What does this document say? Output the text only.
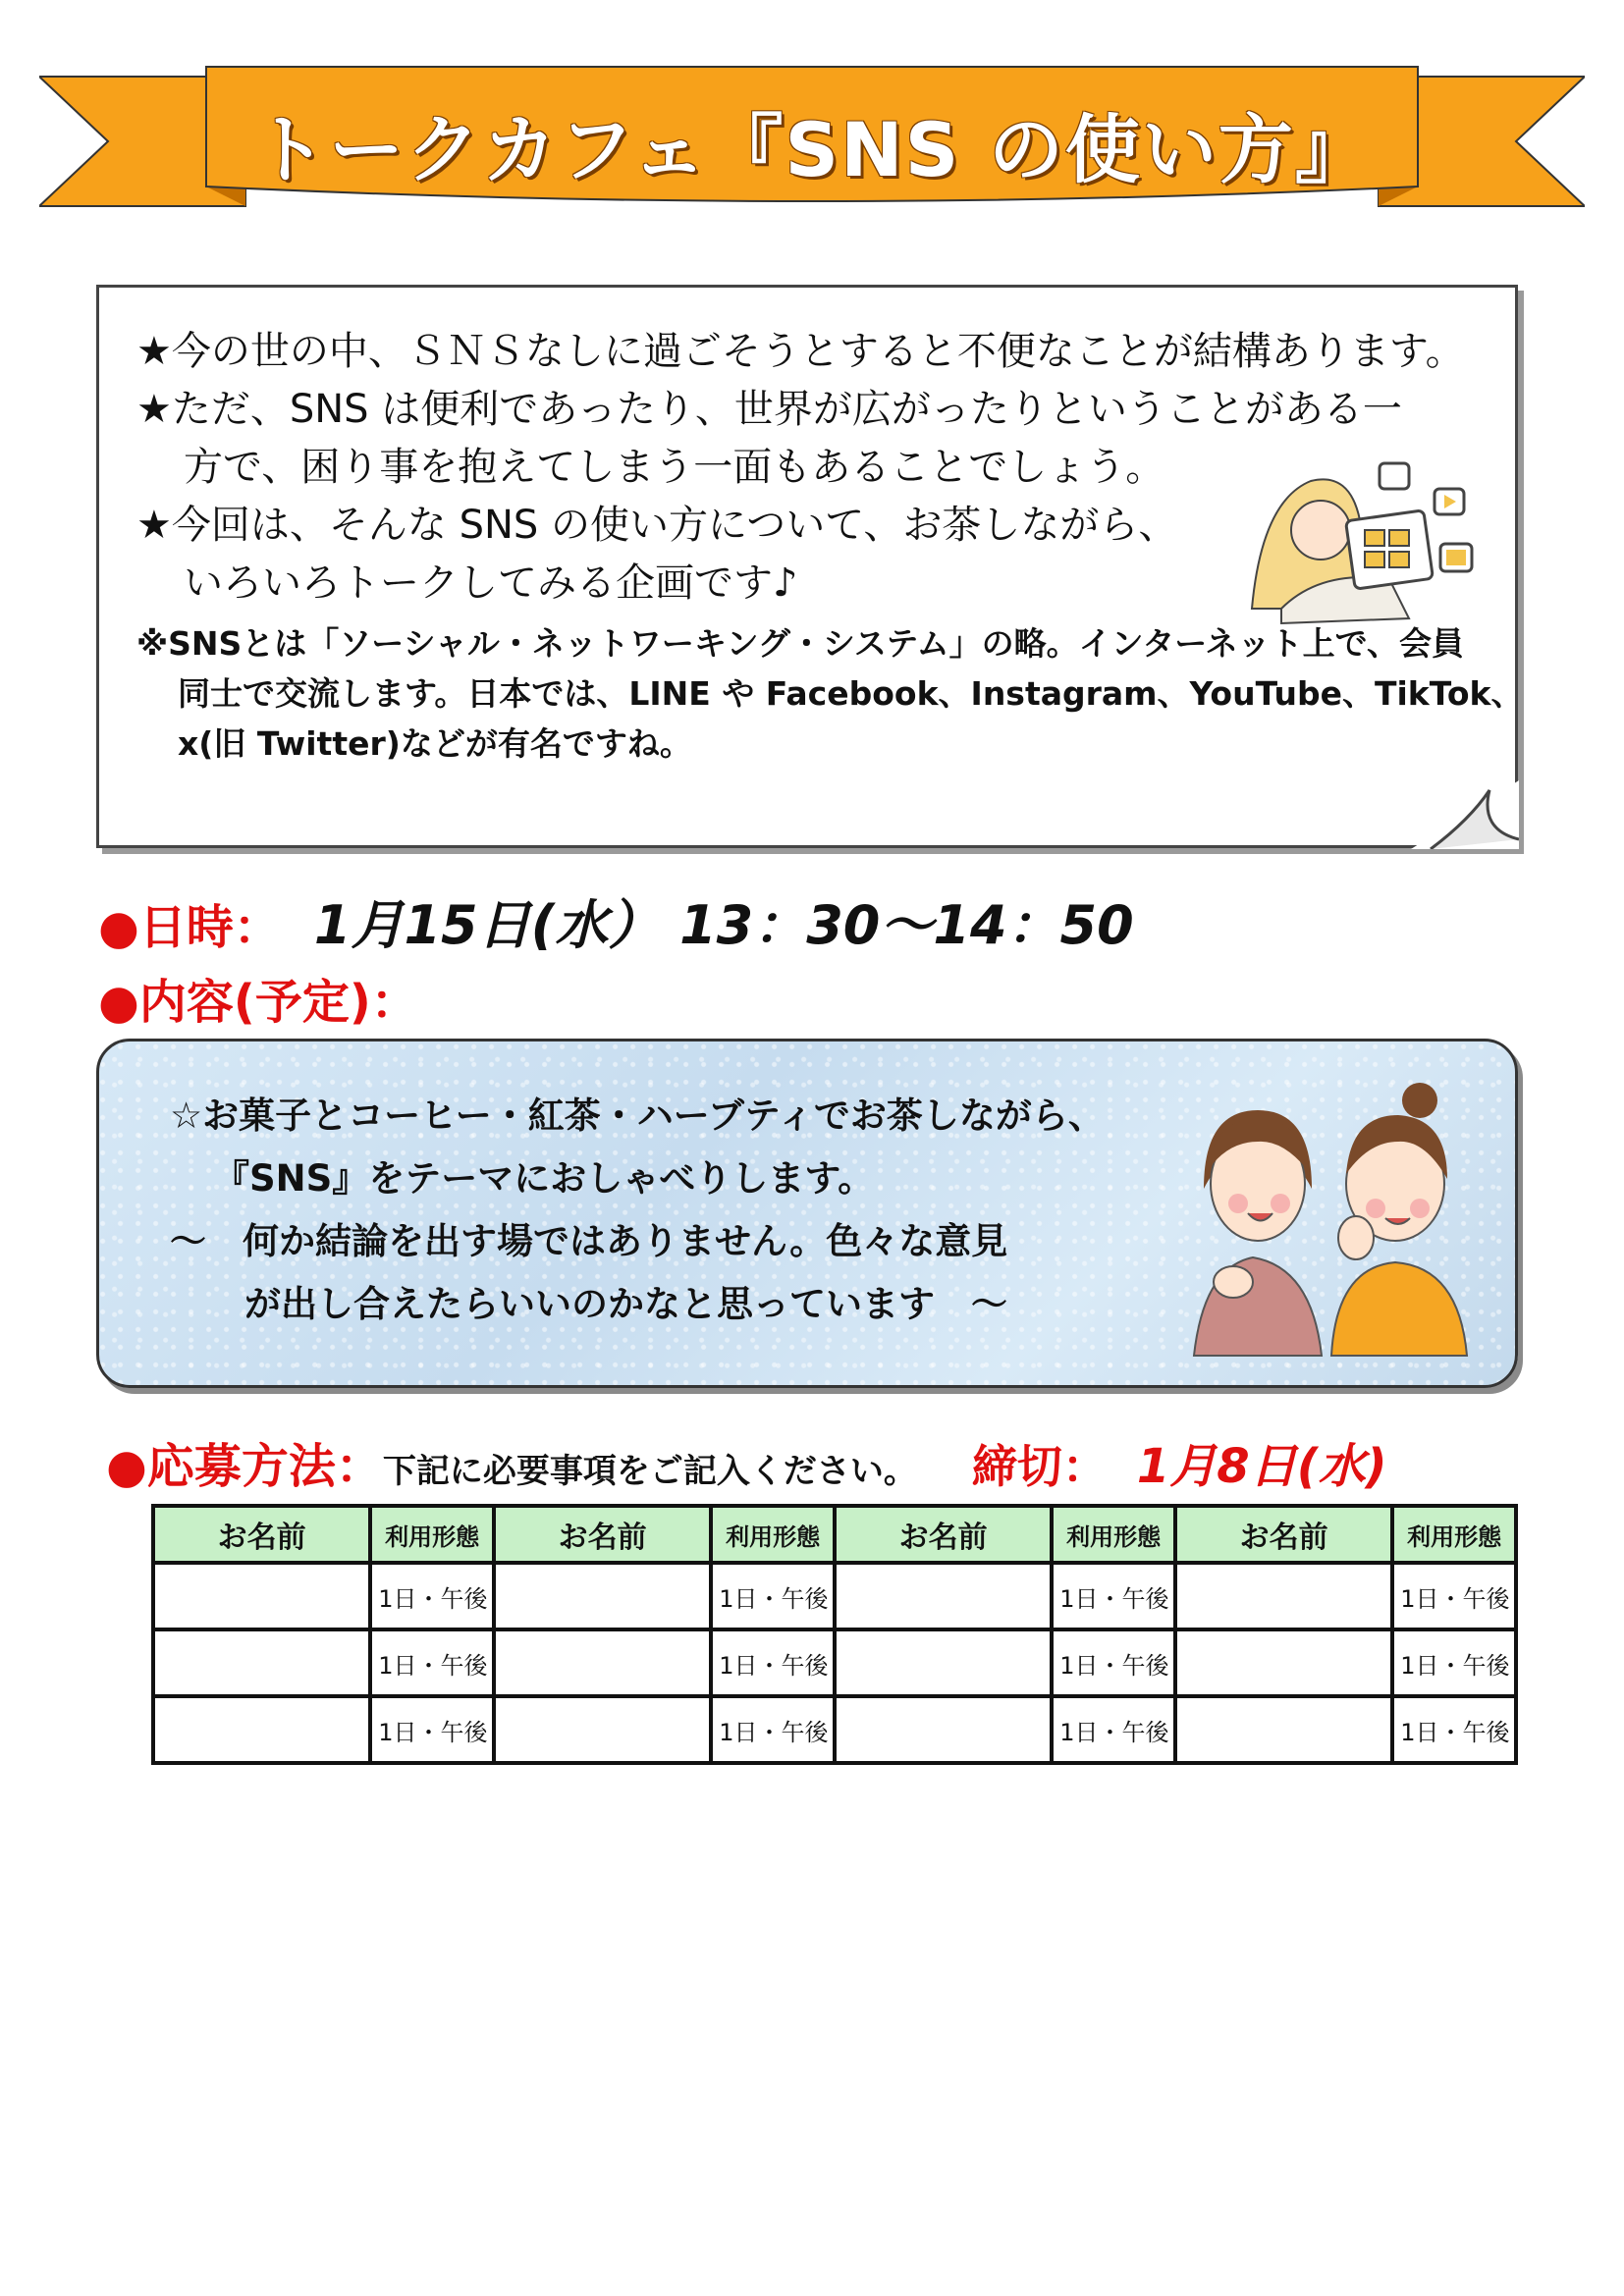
トークカフェ『SNS の使い方』
★今の世の中、ＳＮＳなしに過ごそうとすると不便なことが結構あります。
★ただ、SNS は便利であったり、世界が広がったりということがある一
方で、困り事を抱えてしまう一面もあることでしょう。
★今回は、そんな SNS の使い方について、お茶しながら、
いろいろトークしてみる企画です♪
※SNSとは「ソーシャル・ネットワーキング・システム」の略。インターネット上で、会員
同士で交流します。日本では、LINE や Facebook、Instagram、YouTube、TikTok、
x(旧 Twitter)などが有名ですね。
●日時： 1月15日(水） 13：30～14：50
●内容(予定)：
☆お菓子とコーヒー・紅茶・ハーブティでお茶しながら、
『SNS』をテーマにおしゃべりします。
～　何か結論を出す場ではありません。色々な意見
が出し合えたらいいのかなと思っています　～
●応募方法：下記に必要事項をご記入ください。 締切： 1月8日(水)
お名前	利用形態	お名前	利用形態	お名前	利用形態	お名前	利用形態
	1日・午後		1日・午後		1日・午後		1日・午後
	1日・午後		1日・午後		1日・午後		1日・午後
	1日・午後		1日・午後		1日・午後		1日・午後
